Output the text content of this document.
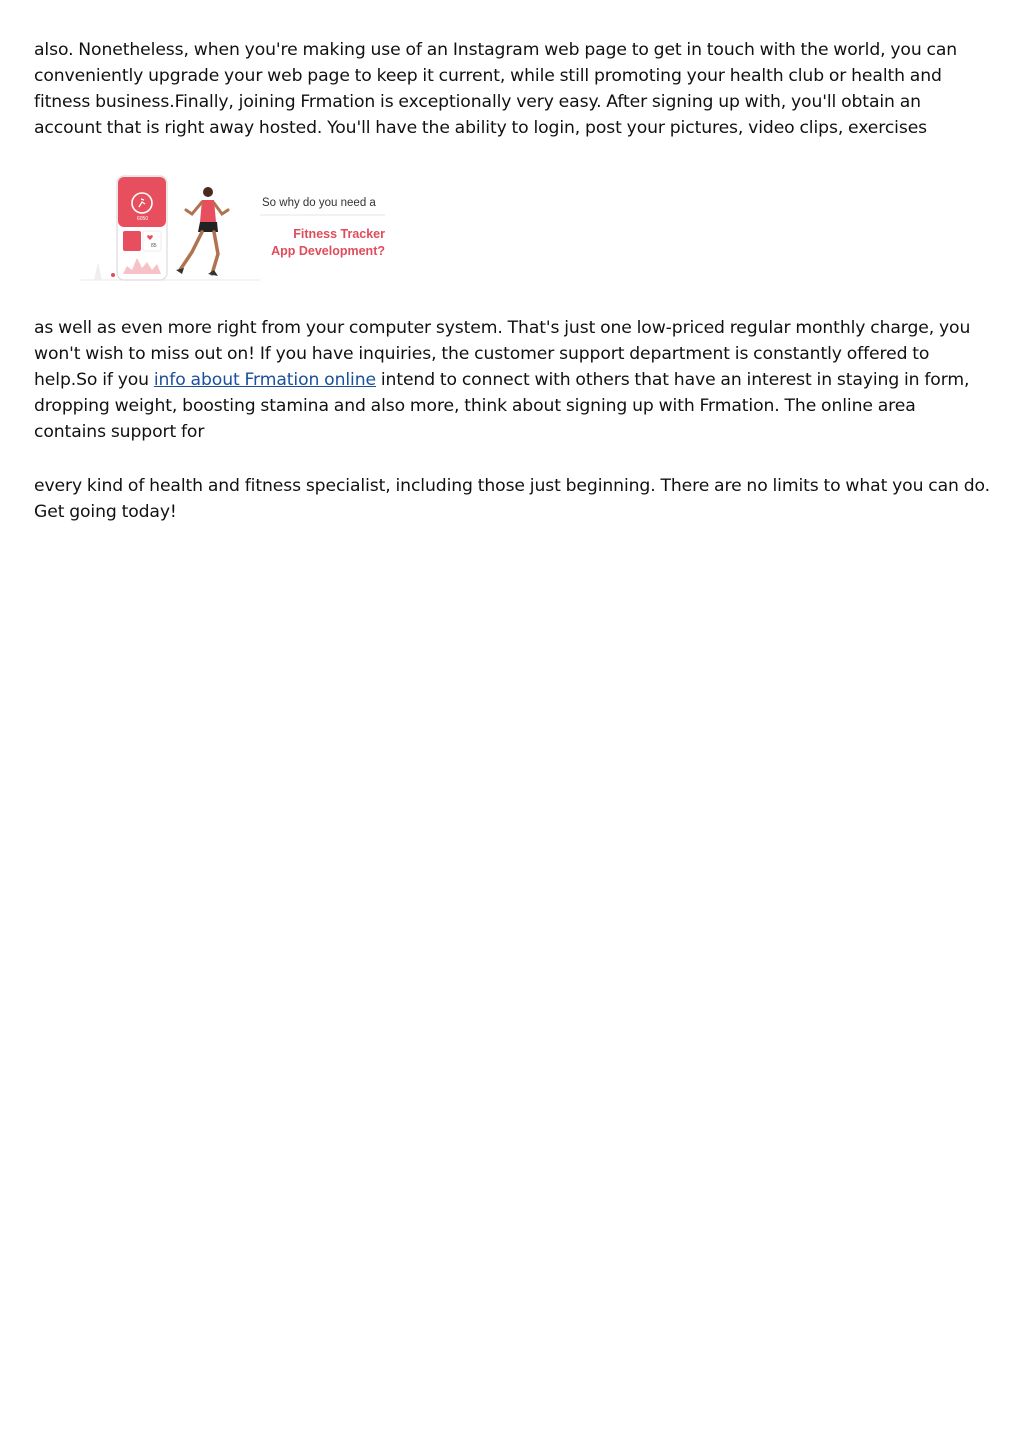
also. Nonetheless, when you're making use of an Instagram web page to get in touch with the world, you can conveniently upgrade your web page to keep it current, while still promoting your health club or health and fitness business.Finally, joining Frmation is exceptionally very easy. After signing up with, you'll obtain an account that is right away hosted. You'll have the ability to login, post your pictures, video clips, exercises

6050
85
So why do you need a
Fitness Tracker
App Development?

as well as even more right from your computer system. That's just one low-priced regular monthly charge, you won't wish to miss out on! If you have inquiries, the customer support department is constantly offered to help.So if you info about Frmation online intend to connect with others that have an interest in staying in form, dropping weight, boosting stamina and also more, think about signing up with Frmation. The online area contains support for

every kind of health and fitness specialist, including those just beginning. There are no limits to what you can do. Get going today!
